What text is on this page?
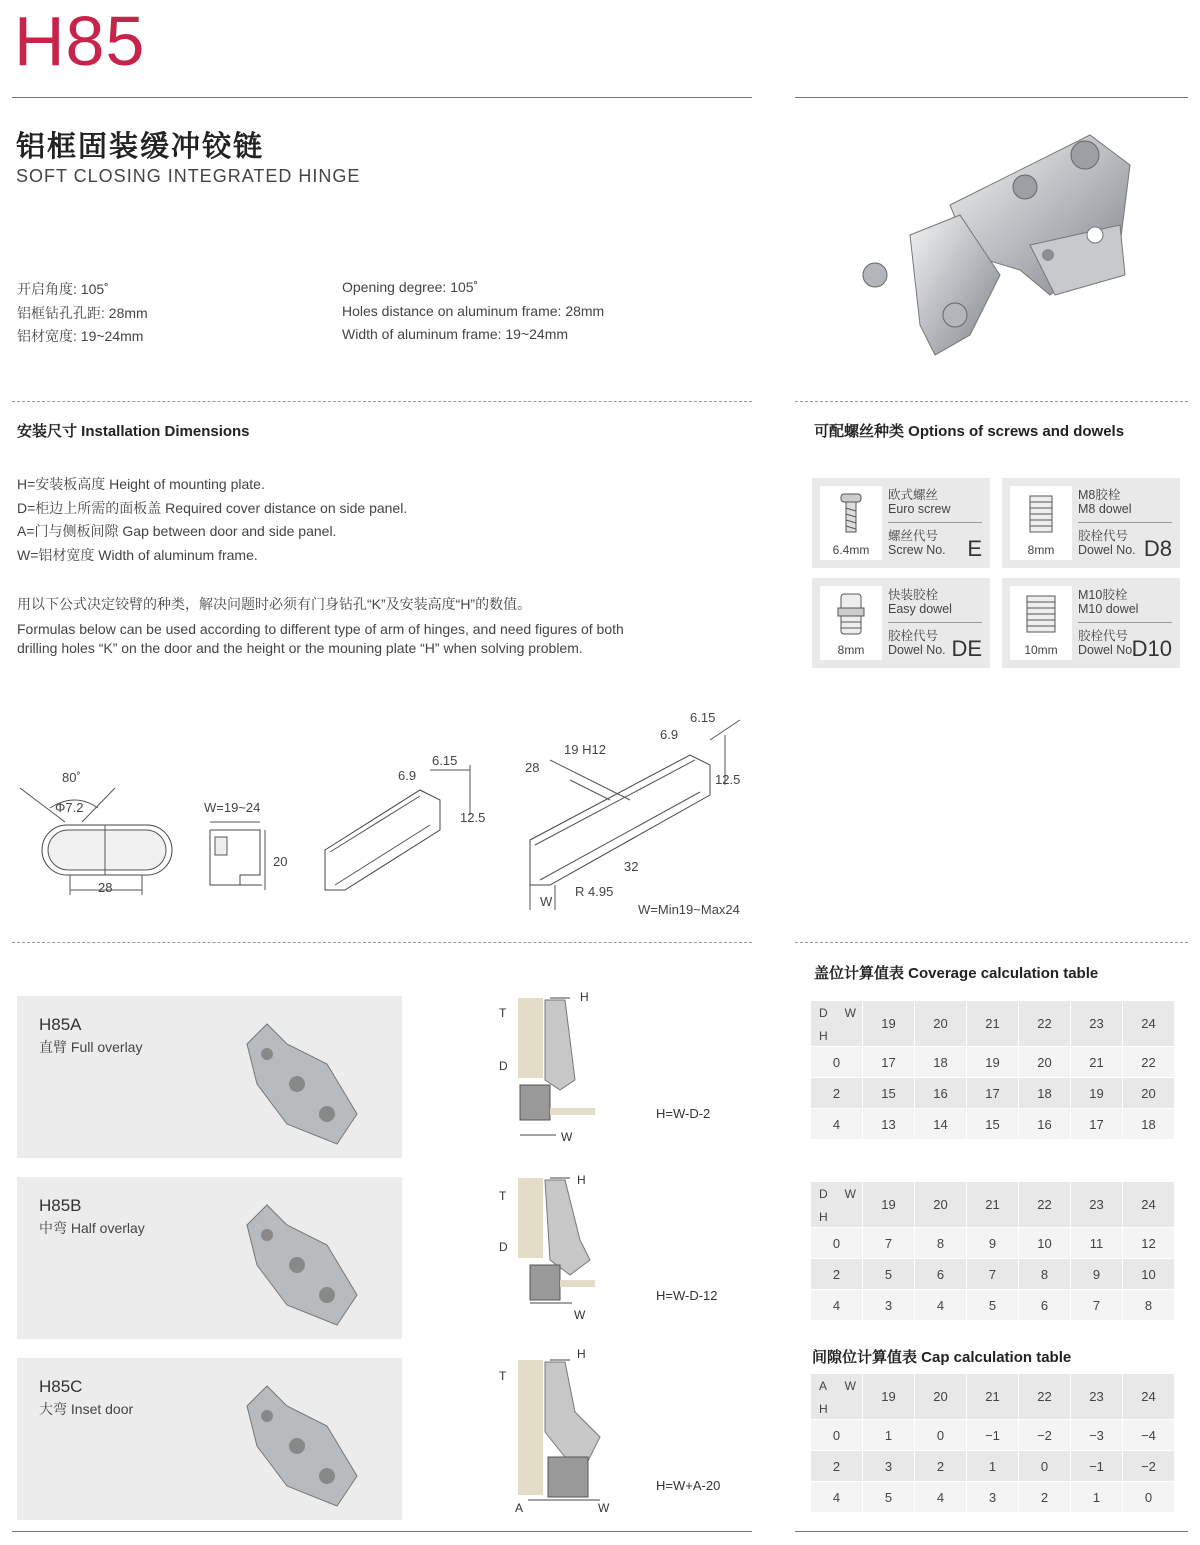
H85
铝框固装缓冲铰链
SOFT CLOSING INTEGRATED HINGE
开启角度: 105˚
铝框钻孔孔距: 28mm
铝材宽度: 19~24mm
Opening degree: 105˚
Holes distance on aluminum frame: 28mm
Width of aluminum frame: 19~24mm
安装尺寸 Installation Dimensions
H=安装板高度 Height of mounting plate.
D=柜边上所需的面板盖 Required cover distance on side panel.
A=门与侧板间隙 Gap between door and side panel.
W=铝材宽度 Width of aluminum frame.
用以下公式决定铰臂的种类，解决问题时必须有门身钻孔“K”及安装高度“H”的数值。
Formulas below can be used according to different type of arm of hinges, and need figures of both
drilling holes “K” on the door and the height or the mouning plate “H” when solving problem.
可配螺丝种类 Options of screws and dowels
6.4mm
欧式螺丝
Euro screw
螺丝代号
Screw No. E	8mm
M8胶栓
M8 dowel
胶栓代号
Dowel No. D8
8mm
快装胶栓
Easy dowel
胶栓代号
Dowel No. DE	10mm
M10胶栓
M10 dowel
胶栓代号
Dowel No.
D10
80˚
Φ7.2
28
W=19~24
20
6.9
6.15
12.5
6.15
6.9
19 H12
28
12.5
32
R 4.95
W
W=Min19~Max24
H85A
直臂 Full overlay
H85B
中弯 Half overlay
H85C
大弯 Inset door
T
D
H
W
T
D
H
W
T
H
A	W
H=W-D-2
H=W-D-12
H=W+A-20
盖位计算值表 Coverage calculation table
D W
H	19	20	21	22	23	24
0	17	18	19	20	21	22
2	15	16	17	18	19	20
4	13	14	15	16	17	18
D W
H	19	20	21	22	23	24
0	7	8	9	10	11	12
2	5	6	7	8	9	10
4	3	4	5	6	7	8
间隙位计算值表 Cap calculation table
A W
H	19	20	21	22	23	24
0	1	0	−1	−2	−3	−4
2	3	2	1	0	−1	−2
4	5	4	3	2	1	0
